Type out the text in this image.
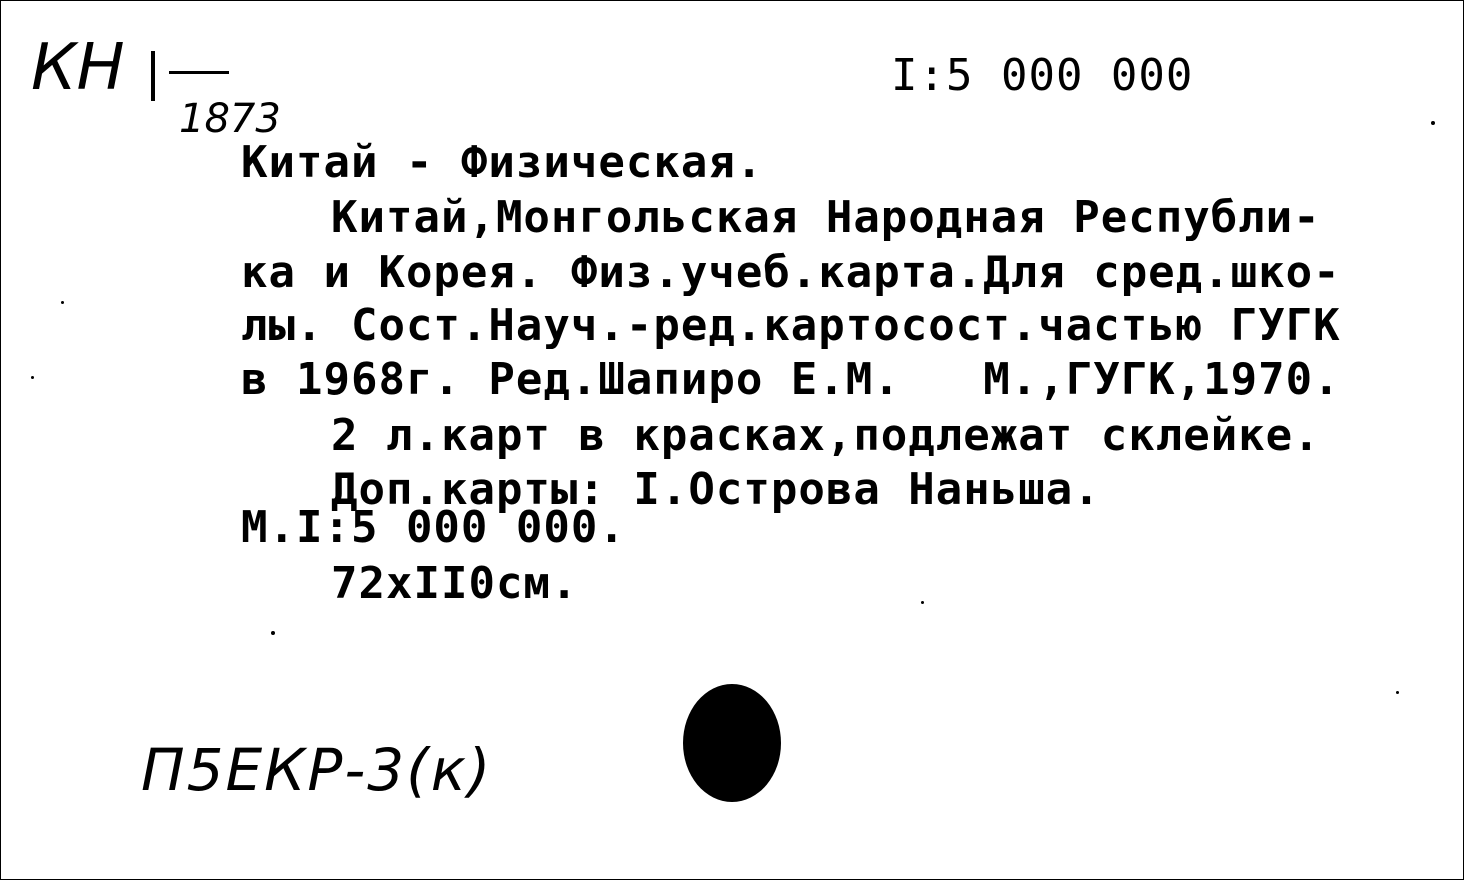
КН
1873
I:5 000 000
Китай - Физическая.
Китай,Монгольская Народная Республи-
ка и Корея. Физ.учеб.карта.Для сред.шко-
лы. Сост.Науч.-ред.картосост.частью ГУГК
в 1968г. Ред.Шапиро Е.М.   М.,ГУГК,1970.
2 л.карт в красках,подлежат склейке.
Доп.карты: I.Острова Наньша.
М.I:5 000 000.
72xII0см.
П5ЕКР-3(к)
